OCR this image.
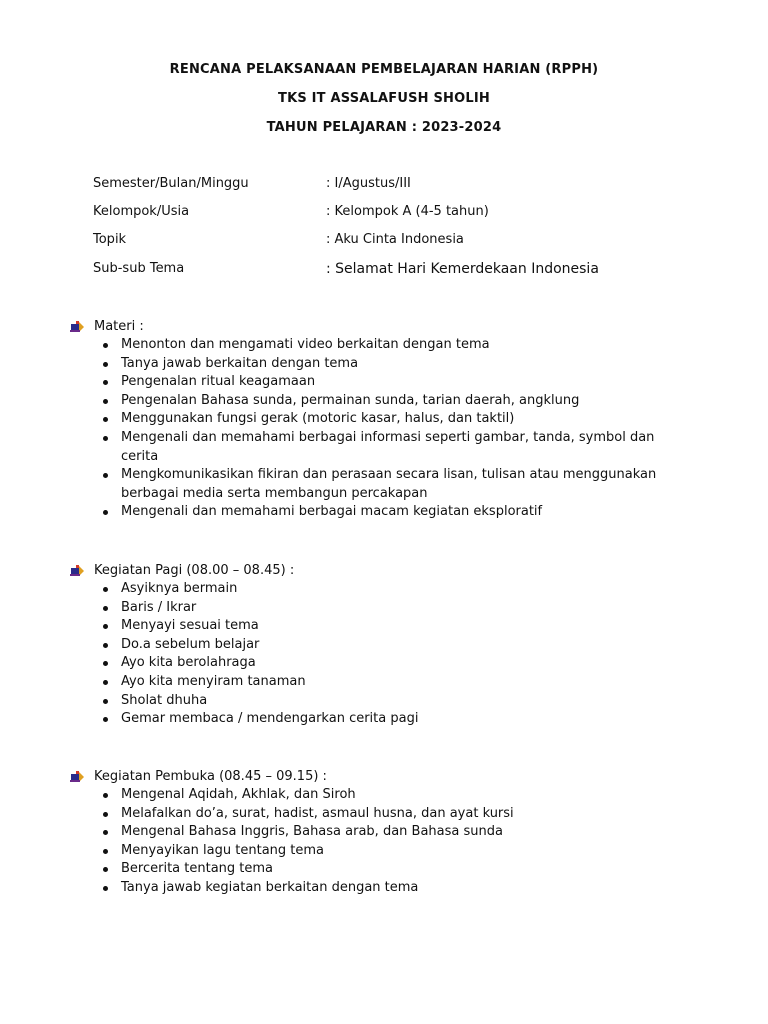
RENCANA PELAKSANAAN PEMBELAJARAN HARIAN (RPPH)
TKS IT ASSALAFUSH SHOLIH
TAHUN PELAJARAN : 2023-2024
Semester/Bulan/Minggu	: I/Agustus/III
Kelompok/Usia	: Kelompok A (4-5 tahun)
Topik	: Aku Cinta Indonesia
Sub-sub Tema	: Selamat Hari Kemerdekaan Indonesia
Materi :
Menonton dan mengamati video berkaitan dengan tema
Tanya jawab berkaitan dengan tema
Pengenalan ritual keagamaan
Pengenalan Bahasa sunda, permainan sunda, tarian daerah, angklung
Menggunakan fungsi gerak (motoric kasar, halus, dan taktil)
Mengenali dan memahami berbagai informasi seperti gambar, tanda, symbol dan cerita
Mengkomunikasikan fikiran dan perasaan secara lisan, tulisan atau menggunakan berbagai media serta membangun percakapan
Mengenali dan memahami berbagai macam kegiatan eksploratif
Kegiatan Pagi (08.00 – 08.45) :
Asyiknya bermain
Baris / Ikrar
Menyayi sesuai tema
Do.a sebelum belajar
Ayo kita berolahraga
Ayo kita menyiram tanaman
Sholat dhuha
Gemar membaca / mendengarkan cerita pagi
Kegiatan Pembuka (08.45 – 09.15) :
Mengenal Aqidah, Akhlak, dan Siroh
Melafalkan do’a, surat, hadist, asmaul husna, dan ayat kursi
Mengenal Bahasa Inggris, Bahasa arab, dan Bahasa sunda
Menyayikan lagu tentang tema
Bercerita tentang tema
Tanya jawab kegiatan berkaitan dengan tema
